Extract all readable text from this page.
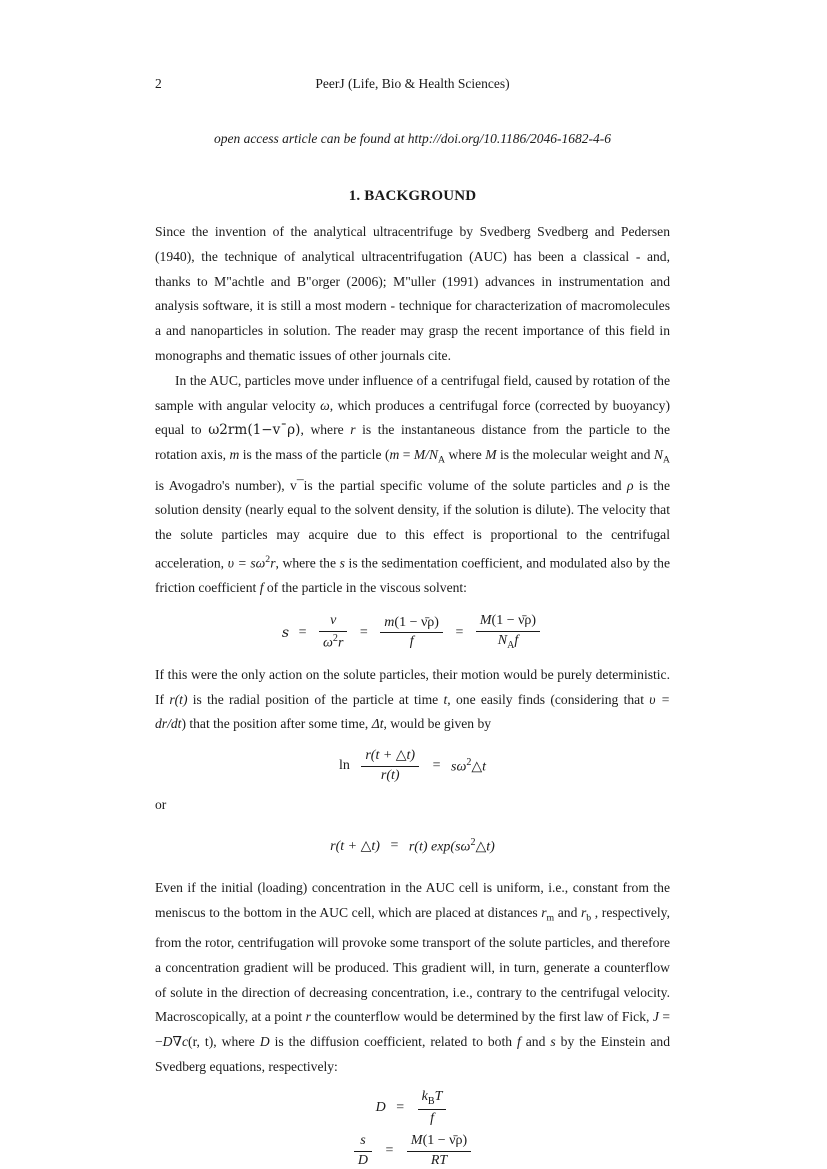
2	PeerJ (Life, Bio & Health Sciences)
open access article can be found at http://doi.org/10.1186/2046-1682-4-6
1. BACKGROUND

Since the invention of the analytical ultracentrifuge by Svedberg Svedberg and Pedersen (1940), the technique of analytical ultracentrifugation (AUC) has been a classical - and, thanks to M"achtle and B"orger (2006); M"uller (1991) advances in instrumentation and analysis software, it is still a most modern - technique for characterization of macromolecules a and nanoparticles in solution. The reader may grasp the recent importance of this field in monographs and thematic issues of other journals cite.

In the AUC, particles move under influence of a centrifugal field, caused by rotation of the sample with angular velocity ω, which produces a centrifugal force (corrected by buoyancy) equal to ω2rm(1−v¯ρ), where r is the instantaneous distance from the particle to the rotation axis, m is the mass of the particle ($m = M/N_A$ where M is the molecular weight and $N_A$ is Avogadro's number), v¯is the partial specific volume of the solute particles and ρ is the solution density (nearly equal to the solvent density, if the solution is dilute). The velocity that the solute particles may acquire due to this effect is proportional to the centrifugal acceleration, $\upsilon = s\omega^2r$, where the s is the sedimentation coefficient, and modulated also by the friction coefficient f of the particle in the viscous solvent:

$s = \frac{\nu}{\omega^2r} = \frac{m(1 - \nū\rho)}{f} = \frac{M(1 - \nū\rho)}{N_Af}$

If this were the only action on the solute particles, their motion would be purely deterministic. If r(t) is the radial position of the particle at time t, one easily finds (considering that υ = dr/dt) that the position after some time, Δt, would be given by

$\ln \frac{r(t + \triangle t)}{r(t)}$ = $s\omega^2\triangle t$

or

r(t + △t) = r(t) $\exp(s\omega^2\triangle t)$

Even if the initial (loading) concentration in the AUC cell is uniform, i.e., constant from the meniscus to the bottom in the AUC cell, which are placed at distances $r_m$ and $r_b$ , respectively, from the rotor, centrifugation will provoke some transport of the solute particles, and therefore a concentration gradient will be produced. This gradient will, in turn, generate a counterflow of solute in the direction of decreasing concentration, i.e., contrary to the centrifugal velocity. Macroscopically, at a point r the counterflow would be determined by the first law of Fick, J = −D∇c(r, t), where D is the diffusion coefficient, related to both f and s by the Einstein and Svedberg equations, respectively:

$D = \frac{k_BT}{f}$
$\frac{s}{D} = \frac{M(1 - \nū\rho)}{RT}$
